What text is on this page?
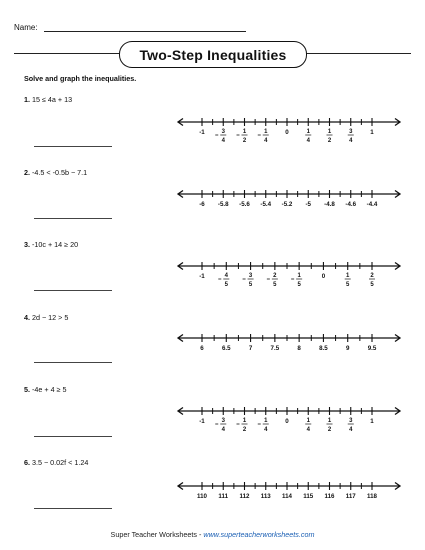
Name:
Two-Step Inequalities
Solve and graph the inequalities.
1. 15 ≤ 4a + 13
-1	3
4
1
2
1
4
0	1
4
1
2
3
4
1
2. -4.5 < -0.5b − 7.1
-6 -5.8 -5.6 -5.4 -5.2 -5 -4.8 -4.6 -4.4
3. -10c + 14 ≥ 20
-1	4
5
3
5
2
5
1
5
0	1
5
2
5
4. 2d − 12 > 5
6	6.5	7	7.5	8	8.5	9	9.5
5. -4e + 4 ≥ 5
-1	3
4
1
2
1
4
0	1
4
1
2
3
4
1
6. 3.5 − 0.02f < 1.24
110 111 112 113 114 115 116 117 118
Super Teacher Worksheets - www.superteacherworksheets.com
